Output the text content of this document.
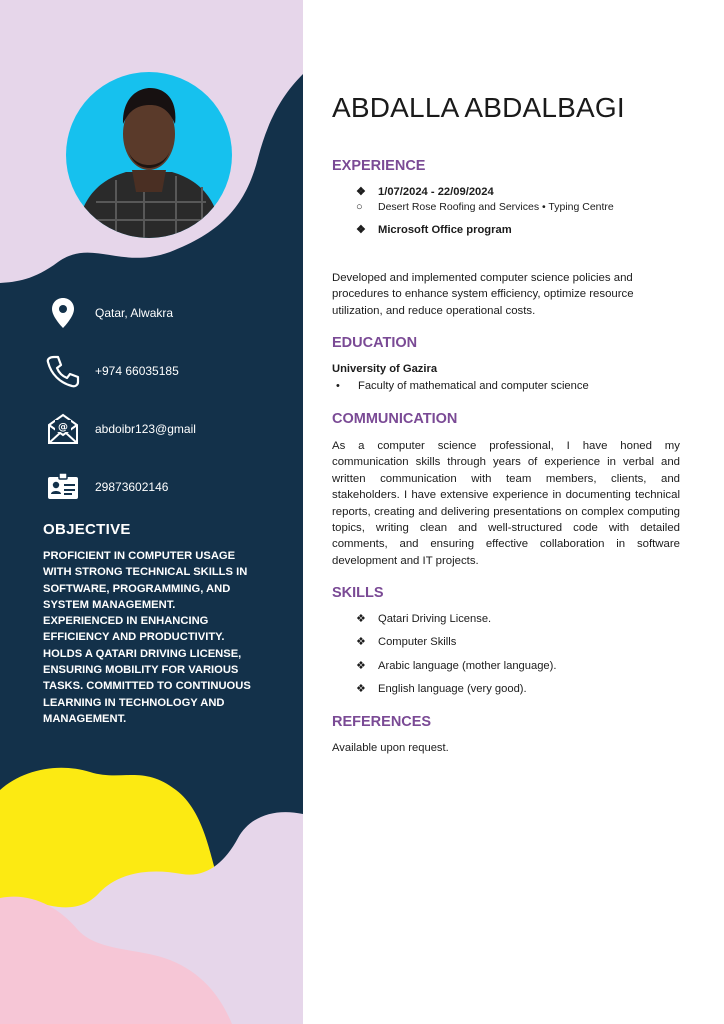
Qatar, Alwakra
+974 66035185
@ abdoibr123@gmail
29873602146
OBJECTIVE
PROFICIENT IN COMPUTER USAGE WITH STRONG TECHNICAL SKILLS IN SOFTWARE, PROGRAMMING, AND SYSTEM MANAGEMENT. EXPERIENCED IN ENHANCING EFFICIENCY AND PRODUCTIVITY. HOLDS A QATARI DRIVING LICENSE, ENSURING MOBILITY FOR VARIOUS TASKS. COMMITTED TO CONTINUOUS LEARNING IN TECHNOLOGY AND MANAGEMENT.
ABDALLA ABDALBAGI
EXPERIENCE
❖	1/07/2024 - 22/09/2024
○	Desert Rose Roofing and Services • Typing Centre
❖	Microsoft Office program
Developed and implemented computer science policies and procedures to enhance system efficiency, optimize resource utilization, and reduce operational costs.
EDUCATION
University of Gazira
•	Faculty of mathematical and computer science
COMMUNICATION
As a computer science professional, I have honed my communication skills through years of experience in verbal and written communication with team members, clients, and stakeholders. I have extensive experience in documenting technical reports, creating and delivering presentations on complex computing topics, writing clean and well-structured code with detailed comments, and ensuring effective collaboration in software development and IT projects.
SKILLS
❖	Qatari Driving License.
❖	Computer Skills
❖	Arabic language (mother language).
❖	English language (very good).
REFERENCES
Available upon request.
